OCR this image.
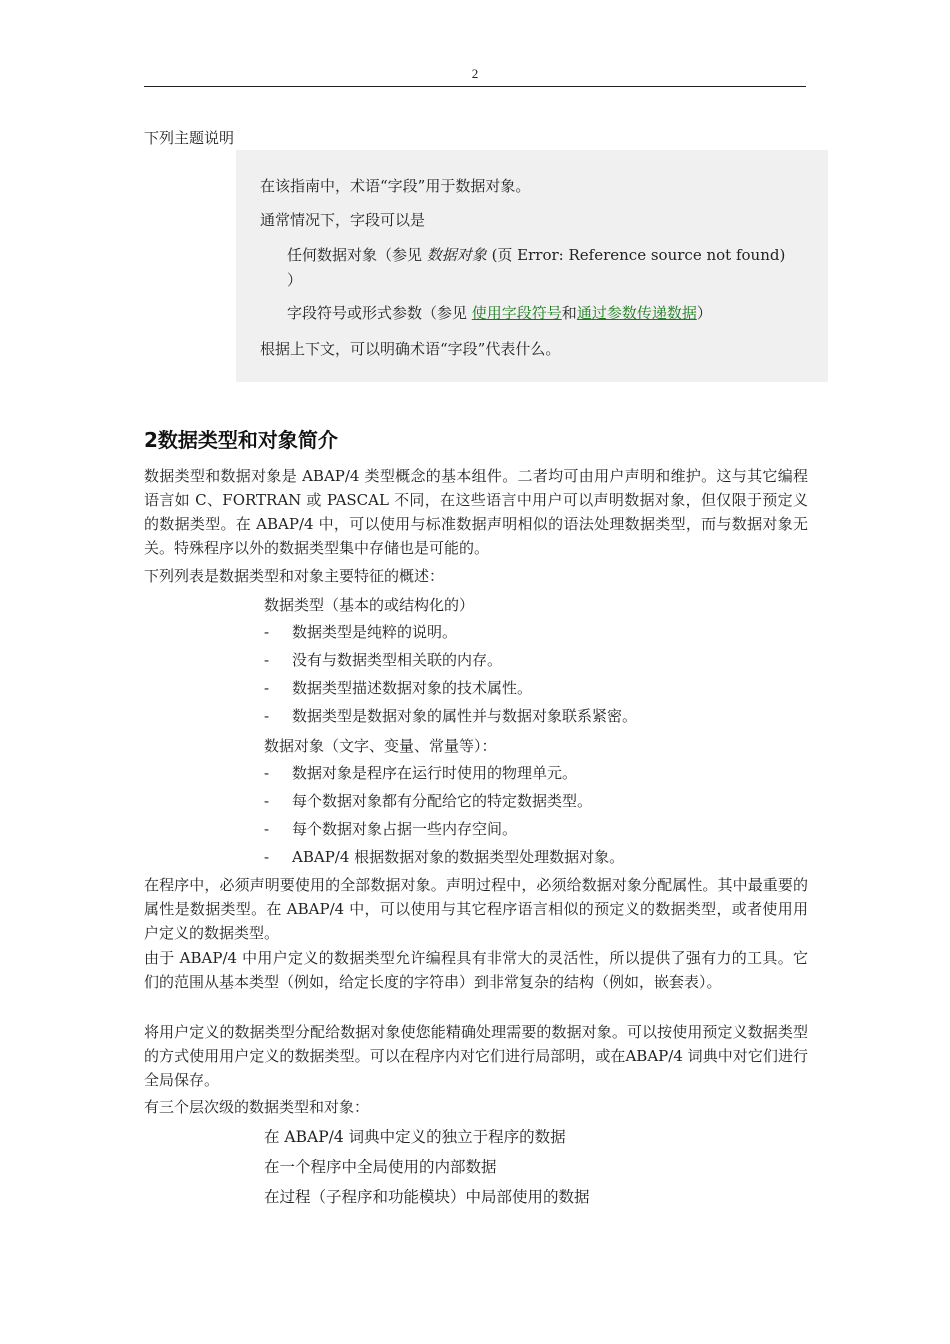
2
下列主题说明
在该指南中，术语“字段”用于数据对象。
通常情况下，字段可以是
任何数据对象（参见 数据对象 (页 Error: Reference source not found) ）
字段符号或形式参数（参见 使用字段符号和通过参数传递数据）
根据上下文，可以明确术语“字段”代表什么。
2数据类型和对象简介
数据类型和数据对象是 ABAP/4 类型概念的基本组件。二者均可由用户声明和维护。这与其它编程语言如 C、FORTRAN 或 PASCAL 不同，在这些语言中用户可以声明数据对象，但仅限于预定义的数据类型。在 ABAP/4 中，可以使用与标准数据声明相似的语法处理数据类型，而与数据对象无关。特殊程序以外的数据类型集中存储也是可能的。
下列列表是数据类型和对象主要特征的概述：
数据类型（基本的或结构化的）
- 数据类型是纯粹的说明。
- 没有与数据类型相关联的内存。
- 数据类型描述数据对象的技术属性。
- 数据类型是数据对象的属性并与数据对象联系紧密。
数据对象（文字、变量、常量等）：
- 数据对象是程序在运行时使用的物理单元。
- 每个数据对象都有分配给它的特定数据类型。
- 每个数据对象占据一些内存空间。
- ABAP/4 根据数据对象的数据类型处理数据对象。
在程序中，必须声明要使用的全部数据对象。声明过程中，必须给数据对象分配属性。其中最重要的属性是数据类型。在 ABAP/4 中，可以使用与其它程序语言相似的预定义的数据类型，或者使用用户定义的数据类型。
由于 ABAP/4 中用户定义的数据类型允许编程具有非常大的灵活性，所以提供了强有力的工具。它们的范围从基本类型（例如，给定长度的字符串）到非常复杂的结构（例如，嵌套表）。
将用户定义的数据类型分配给数据对象使您能精确处理需要的数据对象。可以按使用预定义数据类型的方式使用用户定义的数据类型。可以在程序内对它们进行局部明，或在ABAP/4 词典中对它们进行全局保存。
有三个层次级的数据类型和对象：
在 ABAP/4 词典中定义的独立于程序的数据
在一个程序中全局使用的内部数据
在过程（子程序和功能模块）中局部使用的数据
